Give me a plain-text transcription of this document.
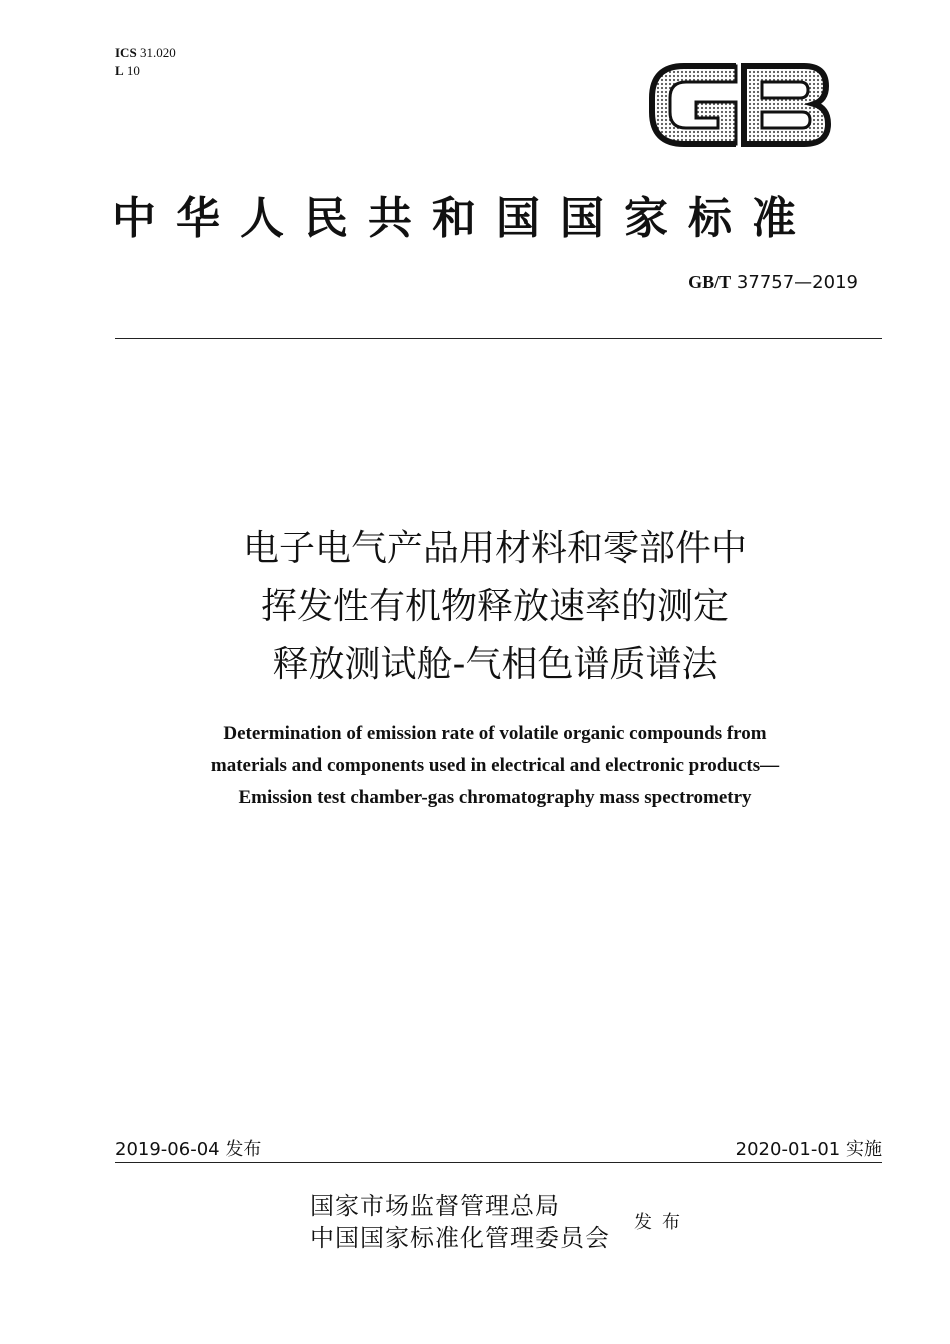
ICS 31.020
L 10
GB
中华人民共和国国家标准
GB/T 37757—2019
电子电气产品用材料和零部件中
挥发性有机物释放速率的测定
释放测试舱-气相色谱质谱法
Determination of emission rate of volatile organic compounds from
materials and components used in electrical and electronic products—
Emission test chamber-gas chromatography mass spectrometry
2019-06-04 发布	2020-01-01 实施
国家市场监督管理总局
中国国家标准化管理委员会
发布
